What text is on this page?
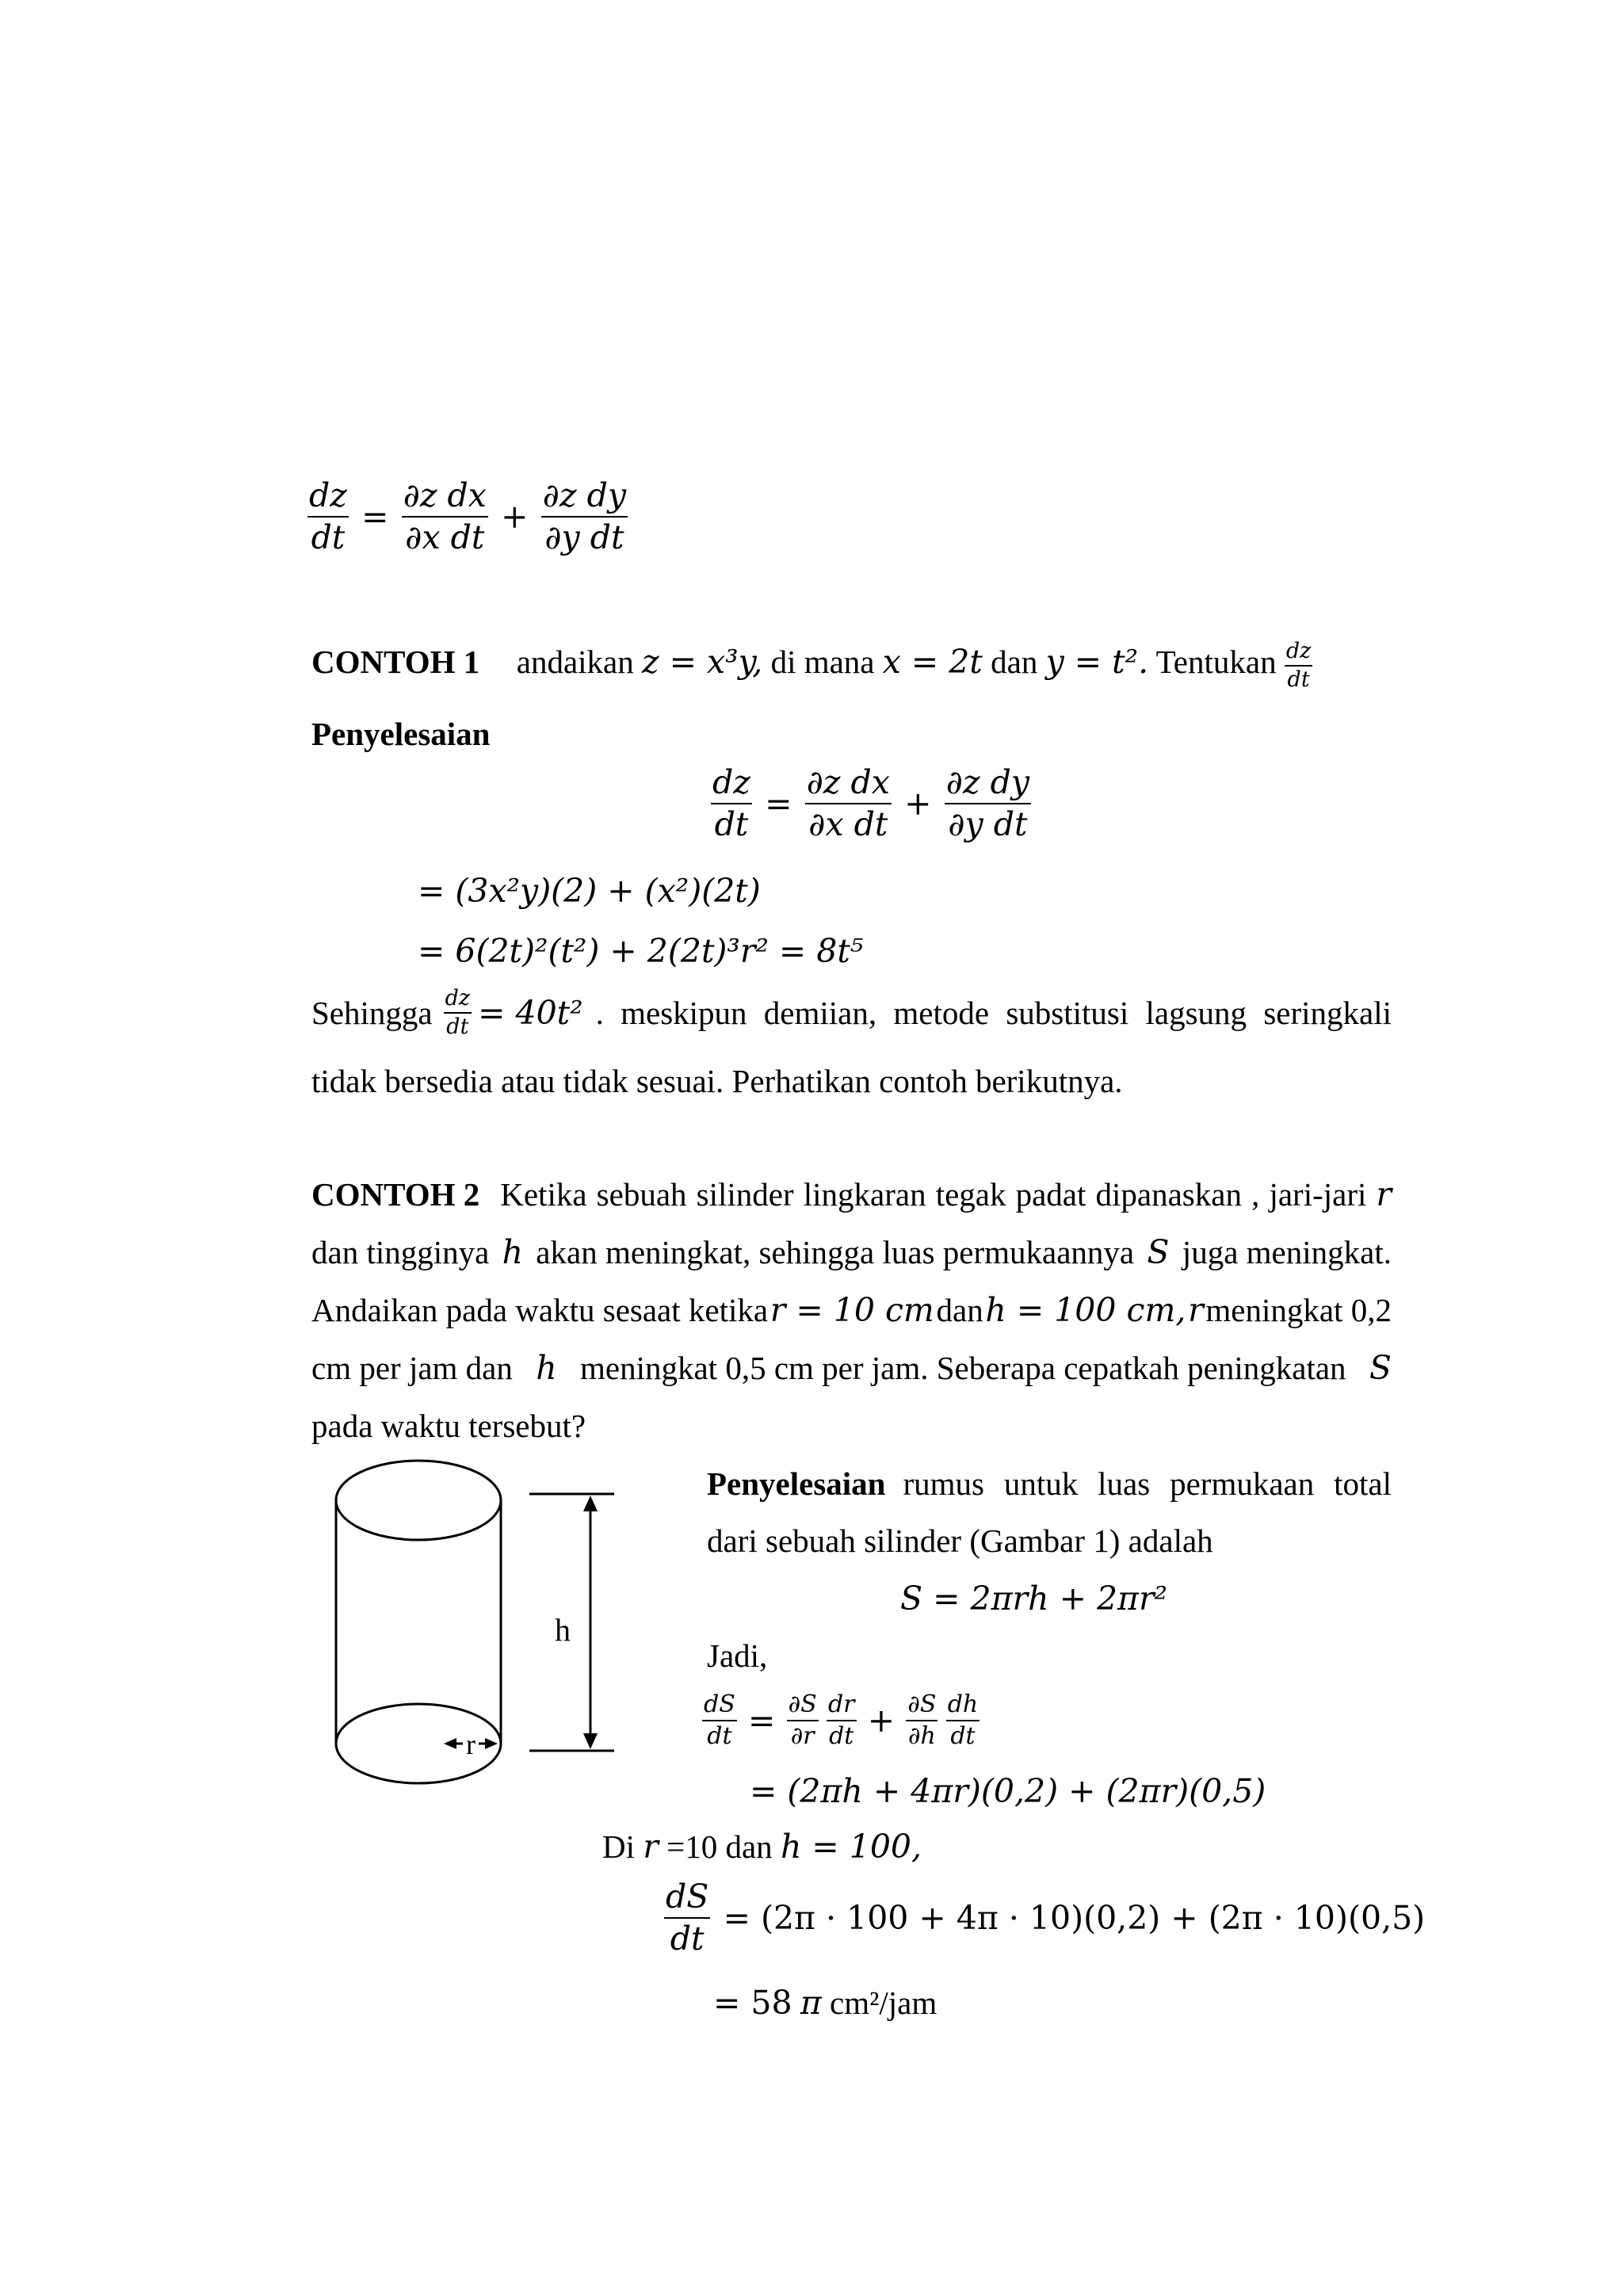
$\frac{dz}{dt} = \frac{\text{∂z dx}}{\text{∂x dt}} + \frac{\text{∂z dy}}{\text{∂y dt}}$
CONTOH 1 andaikan z = x³y, di mana x = 2t dan y = t². Tentukan $\frac{dz}{dt}$
Penyelesaian
$\frac{dz}{dt} = \frac{\text{∂z dx}}{\text{∂x dt}} + \frac{\text{∂z dy}}{\text{∂y dt}}$
= (3x²y)(2) + (x²)(2t)
= 6(2t)²(t²) + 2(2t)³r² = 8t⁵
Sehingga $\frac{dz}{dt} = 40t^2$ . meskipun demiian, metode substitusi lagsung seringkali
tidak bersedia atau tidak sesuai. Perhatikan contoh berikutnya.
CONTOH 2 Ketika sebuah silinder lingkaran tegak padat dipanaskan , jari-jari r
dan tingginya h akan meningkat, sehingga luas permukaannya S juga meningkat.
Andaikan pada waktu sesaat ketika r = 10 cm dan h = 100 cm, r meningkat 0,2
cm per jam dan h meningkat 0,5 cm per jam. Seberapa cepatkah peningkatan S
pada waktu tersebut?
h
r
Penyelesaian rumus untuk luas permukaan total
dari sebuah silinder (Gambar 1) adalah
S = 2πrh + 2πr²
Jadi,
$\frac{dS}{dt} = \frac{\partial S}{\partial r}$
$\frac{dr}{dt} + \frac{\partial S}{\partial h}$
$\frac{dh}{dt}$
= (2πh + 4πr)(0,2) + (2πr)(0,5)
Di r =10 dan h = 100,
$\frac{dS}{dt} = (2\pi \cdot 100 + 4\pi \cdot 10)(0,2) + (2\pi \cdot 10)(0,5)$
= 58 π cm²/jam
